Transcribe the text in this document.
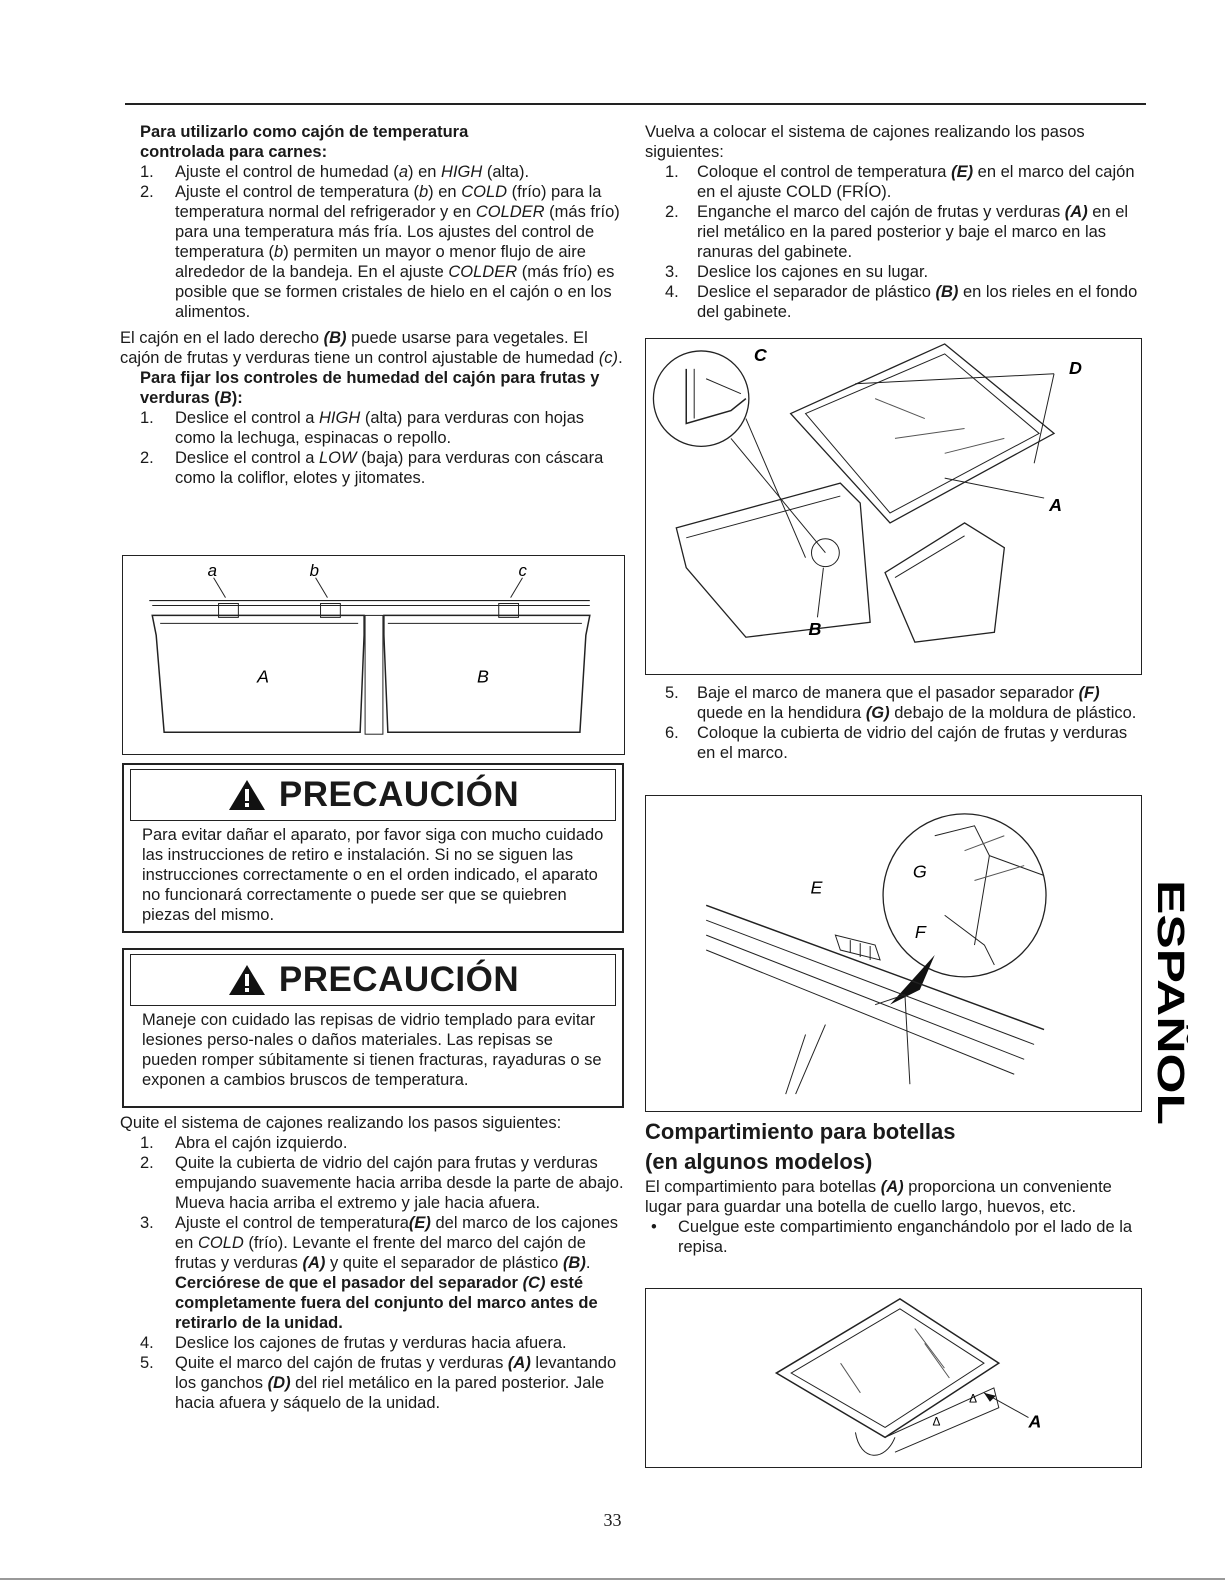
Para utilizarlo como cajón de temperatura
controlada para carnes:
1. Ajuste el control de humedad (a) en HIGH (alta).
2. Ajuste el control de temperatura (b) en COLD (frío) para la temperatura normal del refrigerador y en COLDER (más frío) para una temperatura más fría. Los ajustes del control de temperatura (b) permiten un mayor o menor flujo de aire alrededor de la bandeja. En el ajuste COLDER (más frío) es posible que se formen cristales de hielo en el cajón o en los alimentos.

El cajón en el lado derecho (B) puede usarse para vegetales. El cajón de frutas y verduras tiene un control ajustable de humedad (c).

Para fijar los controles de humedad del cajón para frutas y verduras (B):
1. Deslice el control a HIGH (alta) para verduras con hojas como la lechuga, espinacas o repollo.
2. Deslice el control a LOW (baja) para verduras con cáscara como la coliflor, elotes y jitomates.
a	b	c
A	B
PRECAUCIÓN
Para evitar dañar el aparato, por favor siga con mucho cuidado las instrucciones de retiro e instalación. Si no se siguen las instrucciones correctamente o en el orden indicado, el aparato no funcionará correctamente o puede ser que se quiebren piezas del mismo.
PRECAUCIÓN
Maneje con cuidado las repisas de vidrio templado para evitar lesiones perso-nales o daños materiales. Las repisas se pueden romper súbitamente si tienen fracturas, rayaduras o se exponen a cambios bruscos de temperatura.

Quite el sistema de cajones realizando los pasos siguientes:

1. Abra el cajón izquierdo.
2. Quite la cubierta de vidrio del cajón para frutas y verduras empujando suavemente hacia arriba desde la parte de abajo. Mueva hacia arriba el extremo y jale hacia afuera.
3. Ajuste el control de temperatura(E) del marco de los cajones en COLD (frío). Levante el frente del marco del cajón de frutas y verduras (A) y quite el separador de plástico (B). Cerciórese de que el pasador del separador (C) esté completamente fuera del conjunto del marco antes de retirarlo de la unidad.
4. Deslice los cajones de frutas y verduras hacia afuera.
5. Quite el marco del cajón de frutas y verduras (A) levantando los ganchos (D) del riel metálico en la pared posterior. Jale hacia afuera y sáquelo de la unidad.

Vuelva a colocar el sistema de cajones realizando los pasos siguientes:

1. Coloque el control de temperatura (E) en el marco del cajón en el ajuste COLD (FRÍO).
2. Enganche el marco del cajón de frutas y verduras (A) en el riel metálico en la pared posterior y baje el marco en las ranuras del gabinete.
3. Deslice los cajones en su lugar.
4. Deslice el separador de plástico (B) en los rieles en el fondo del gabinete.
C
D
A
B
5. Baje el marco de manera que el pasador separador (F) quede en la hendidura (G) debajo de la moldura de plástico.
6. Coloque la cubierta de vidrio del cajón de frutas y verduras en el marco.
E
G
F
Compartimiento para botellas
(en algunos modelos)

El compartimiento para botellas (A) proporciona un conveniente lugar para guardar una botella de cuello largo, huevos, etc.

• Cuelgue este compartimiento enganchándolo por el lado de la repisa.
Δ
Δ
A
ESPAÑOL
33
